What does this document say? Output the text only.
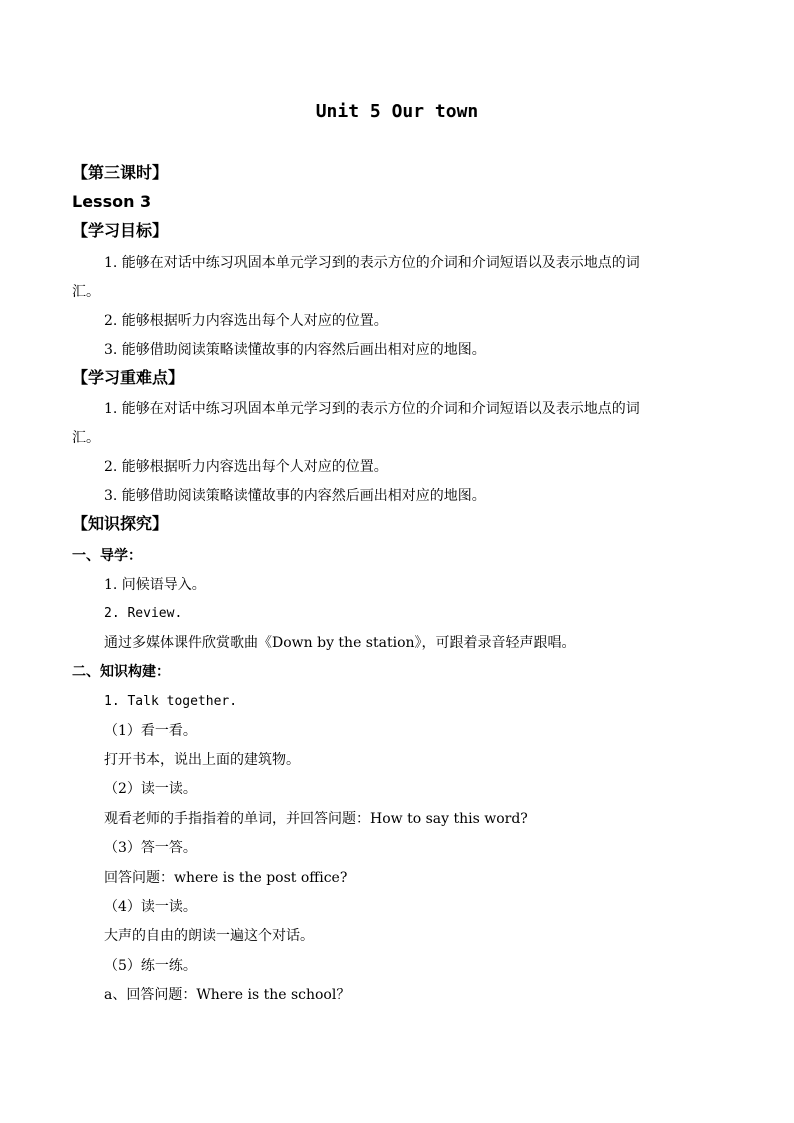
Unit 5 Our town
【第三课时】
Lesson 3
【学习目标】
1. 能够在对话中练习巩固本单元学习到的表示方位的介词和介词短语以及表示地点的词
汇。
2. 能够根据听力内容选出每个人对应的位置。
3. 能够借助阅读策略读懂故事的内容然后画出相对应的地图。
【学习重难点】
1. 能够在对话中练习巩固本单元学习到的表示方位的介词和介词短语以及表示地点的词
汇。
2. 能够根据听力内容选出每个人对应的位置。
3. 能够借助阅读策略读懂故事的内容然后画出相对应的地图。
【知识探究】
一、导学：
1. 问候语导入。
2. Review.
通过多媒体课件欣赏歌曲《Down by the station》，可跟着录音轻声跟唱。
二、知识构建：
1. Talk together.
（1）看一看。
打开书本，说出上面的建筑物。
（2）读一读。
观看老师的手指指着的单词，并回答问题：How to say this word?
（3）答一答。
回答问题：where is the post office?
（4）读一读。
大声的自由的朗读一遍这个对话。
（5）练一练。
a、回答问题：Where is the school？
